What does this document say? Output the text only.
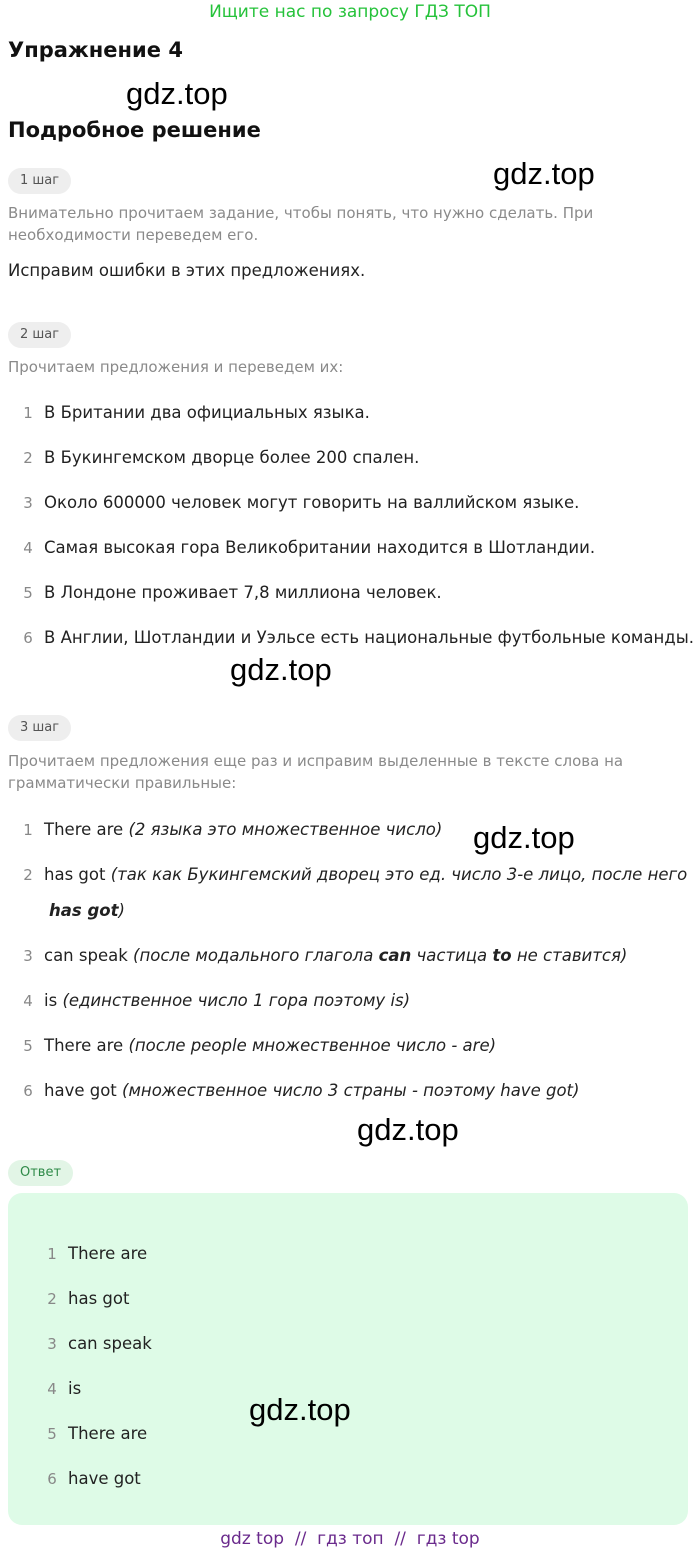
Ищите нас по запросу ГДЗ ТОП
Упражнение 4
Подробное решение
gdz.top
gdz.top
gdz.top
gdz.top
gdz.top
gdz.top
1 шаг
Внимательно прочитаем задание, чтобы понять, что нужно сделать. При необходимости переведем его.
Исправим ошибки в этих предложениях.
2 шаг
Прочитаем предложения и переведем их:
1 В Британии два официальных языка.
2 В Букингемском дворце более 200 спален.
3 Около 600000 человек могут говорить на валлийском языке.
4 Самая высокая гора Великобритании находится в Шотландии.
5 В Лондоне проживает 7,8 миллиона человек.
6 В Англии, Шотландии и Уэльсе есть национальные футбольные команды.
3 шаг
Прочитаем предложения еще раз и исправим выделенные в тексте слова на грамматически правильные:
1 There are (2 языка это множественное число)
2 has got (так как Букингемский дворец это ед. число 3-е лицо, после него
has got)
3 can speak (после модального глагола can частица to не ставится)
4 is (единственное число 1 гора поэтому is)
5 There are (после people множественное число - are)
6 have got (множественное число 3 страны - поэтому have got)
Ответ
1 There are
2 has got
3 can speak
4 is
5 There are
6 have got
gdz top  //  гдз топ  //  гдз top
